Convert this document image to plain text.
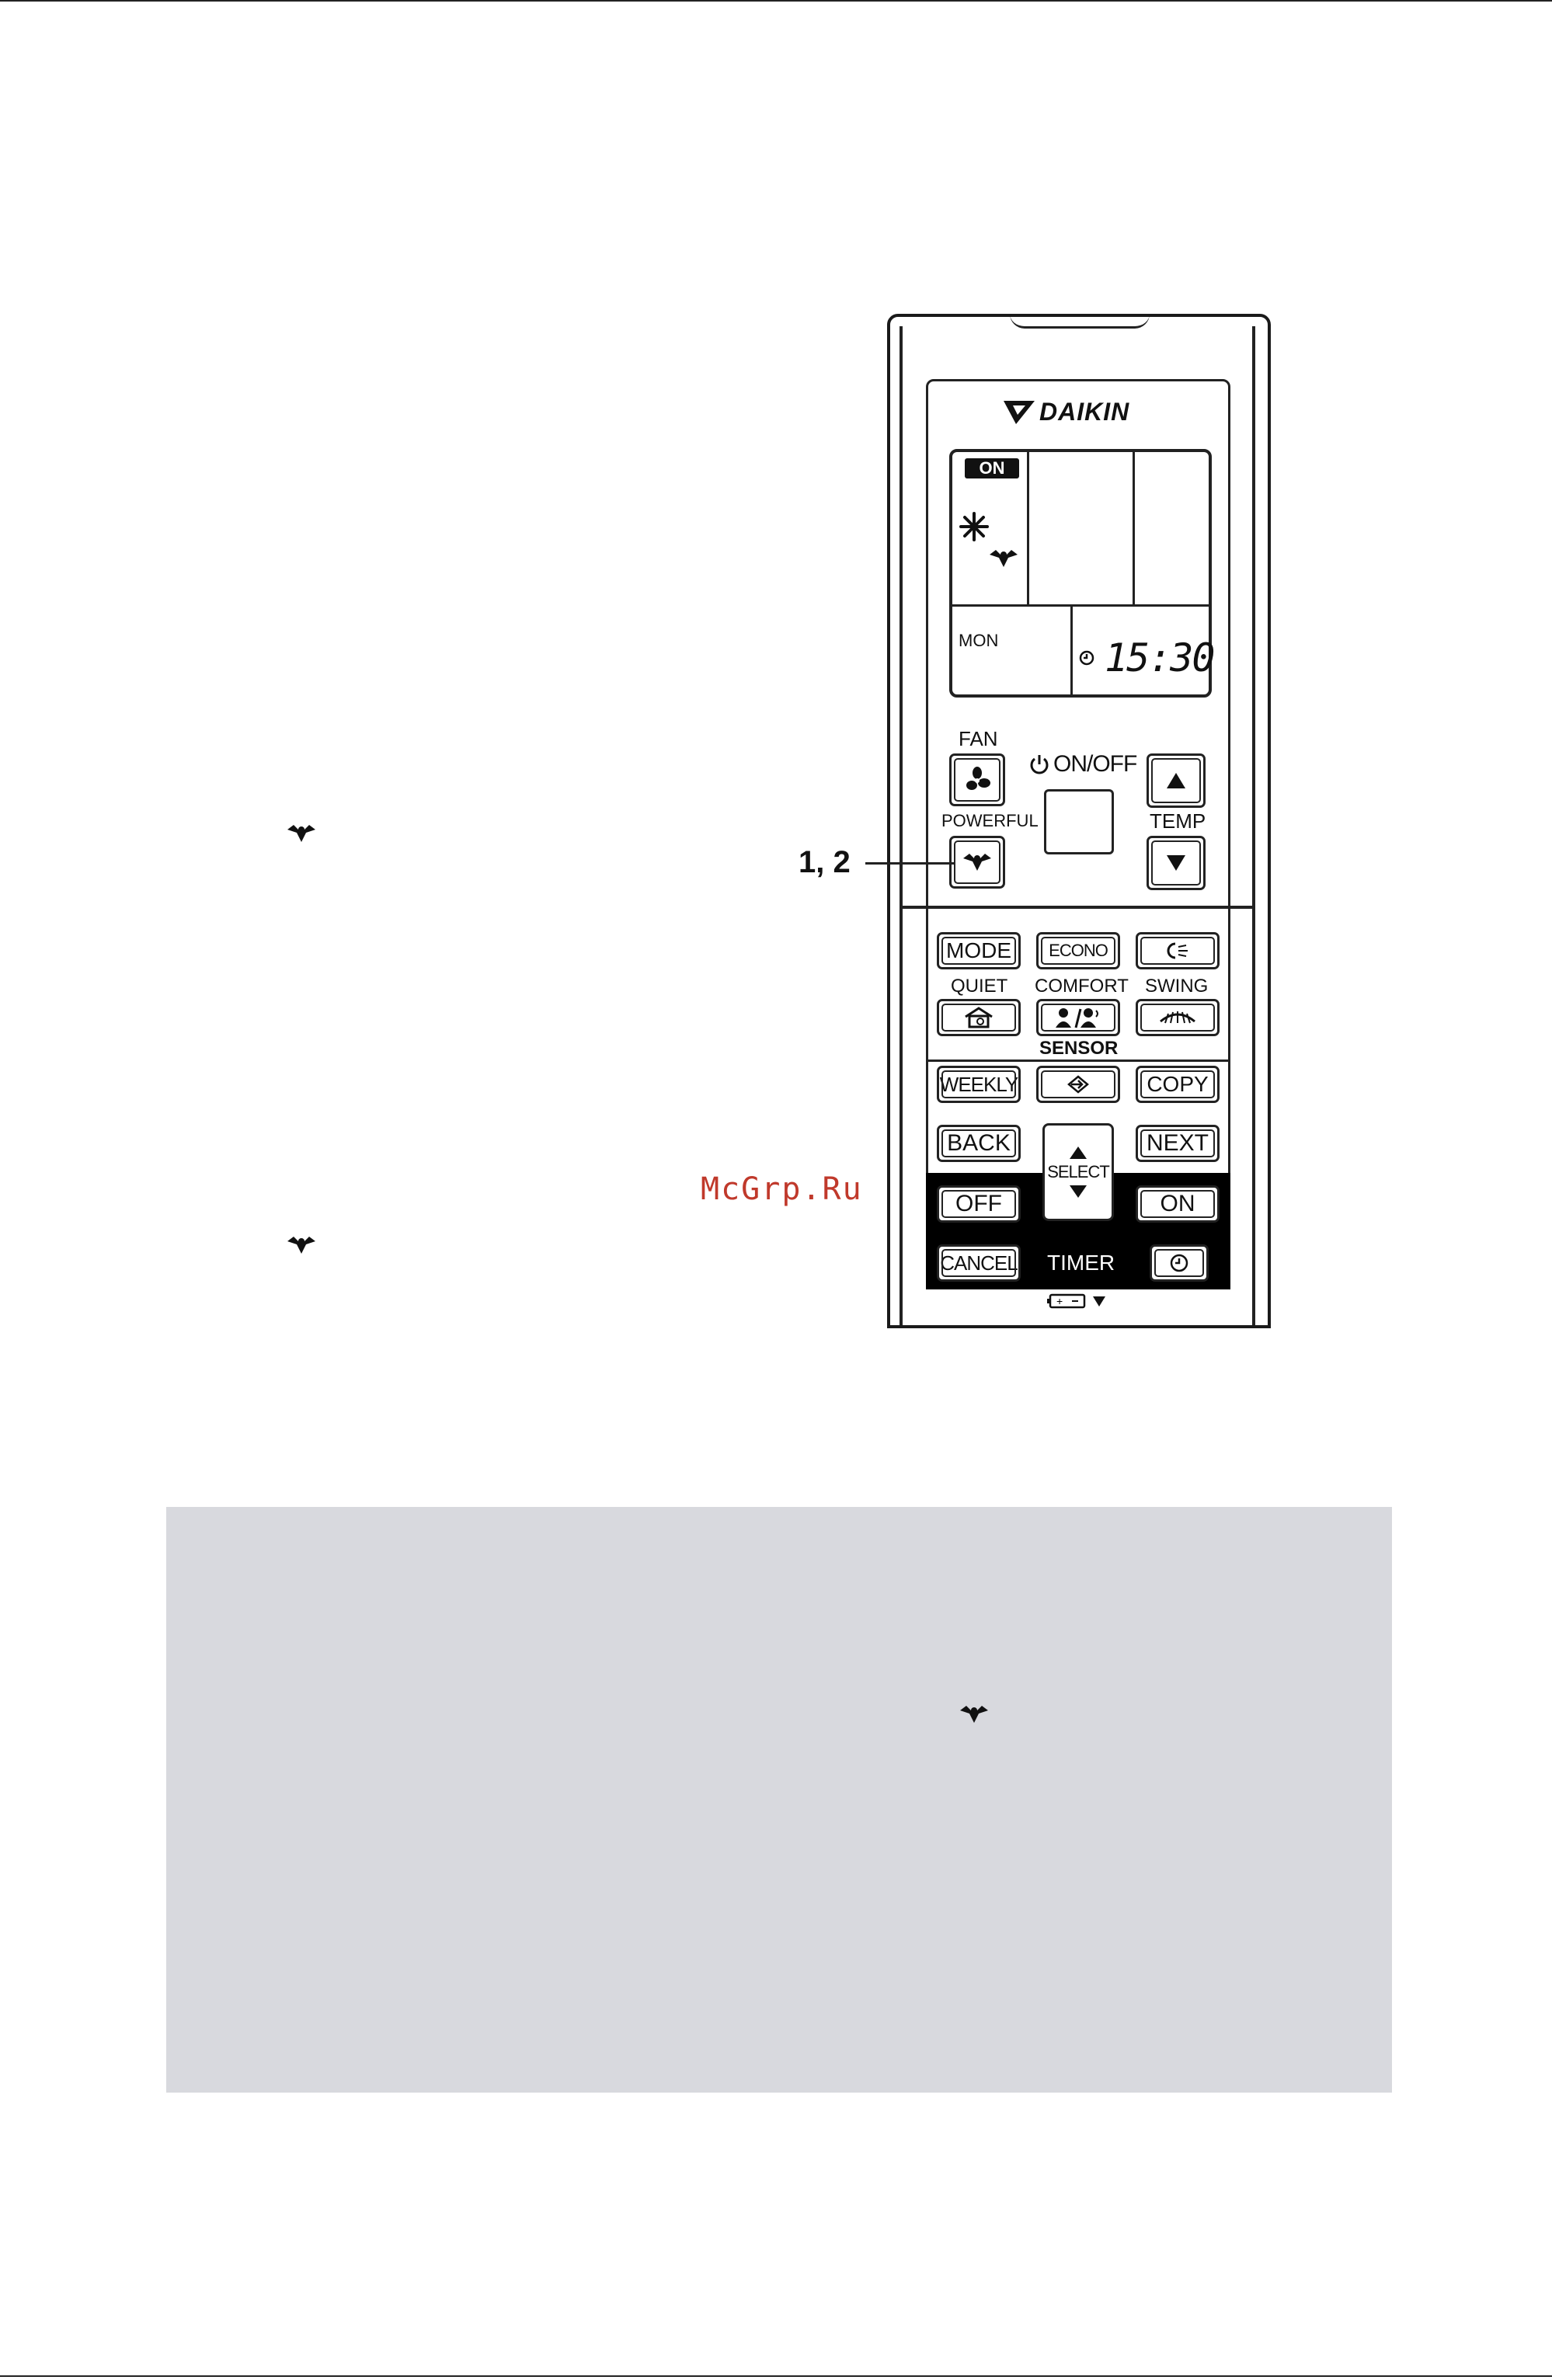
DAIKIN
ON
MON	15:30
FAN
ON/OFF
TEMP
POWERFUL
1, 2
MODE ECONO
QUIET COMFORT SWING
SENSOR
WEEKLY	COPY
BACK	NEXT
SELECT
OFF	ON
CANCEL TIMER
+
McGrp.Ru
